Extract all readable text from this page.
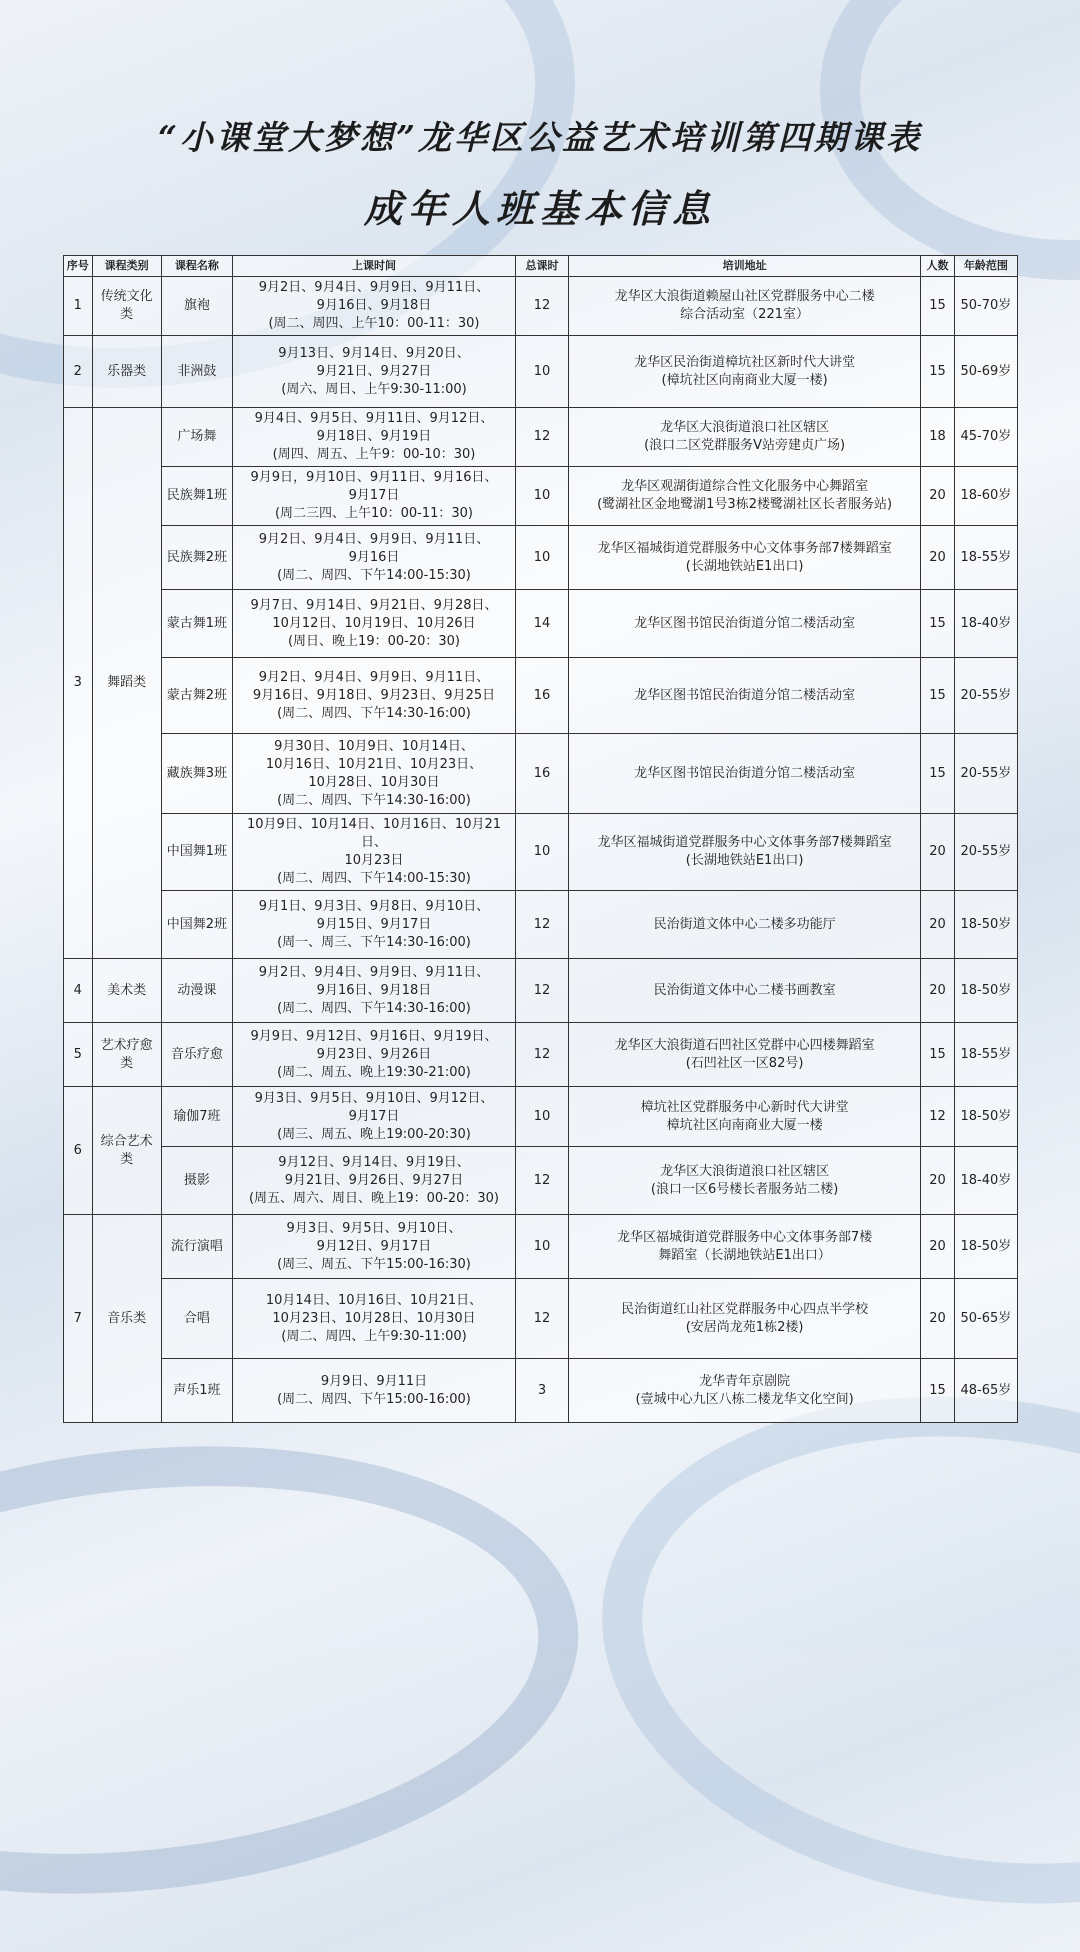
“小课堂大梦想”龙华区公益艺术培训第四期课表
成年人班基本信息
序号	课程类别	课程名称	上课时间	总课时	培训地址	人数	年龄范围
1	传统文化类	旗袍	9月2日、9月4日、9月9日、9月11日、
9月16日、9月18日
(周二、周四、上午10：00-11：30)	12	龙华区大浪街道赖屋山社区党群服务中心二楼
综合活动室（221室）	15	50-70岁
2	乐器类	非洲鼓	9月13日、9月14日、9月20日、
9月21日、9月27日
(周六、周日、上午9:30-11:00)	10	龙华区民治街道樟坑社区新时代大讲堂
(樟坑社区向南商业大厦一楼)	15	50-69岁
3	舞蹈类	广场舞	9月4日、9月5日、9月11日、9月12日、
9月18日、9月19日
(周四、周五、上午9：00-10：30)	12	龙华区大浪街道浪口社区辖区
(浪口二区党群服务V站旁建贞广场)	18	45-70岁
		民族舞1班	9月9日，9月10日、9月11日、9月16日、
9月17日
(周二三四、上午10：00-11：30)	10	龙华区观湖街道综合性文化服务中心舞蹈室
(鹭湖社区金地鹭湖1号3栋2楼鹭湖社区长者服务站)	20	18-60岁
		民族舞2班	9月2日、9月4日、9月9日、9月11日、
9月16日
(周二、周四、下午14:00-15:30)	10	龙华区福城街道党群服务中心文体事务部7楼舞蹈室
(长湖地铁站E1出口)	20	18-55岁
		蒙古舞1班	9月7日、9月14日、9月21日、9月28日、
10月12日、10月19日、10月26日
(周日、晚上19：00-20：30)	14	龙华区图书馆民治街道分馆二楼活动室	15	18-40岁
		蒙古舞2班	9月2日、9月4日、9月9日、9月11日、
9月16日、9月18日、9月23日、9月25日
(周二、周四、下午14:30-16:00)	16	龙华区图书馆民治街道分馆二楼活动室	15	20-55岁
		藏族舞3班	9月30日、10月9日、10月14日、
10月16日、10月21日、10月23日、
10月28日、10月30日
(周二、周四、下午14:30-16:00)	16	龙华区图书馆民治街道分馆二楼活动室	15	20-55岁
		中国舞1班	10月9日、10月14日、10月16日、10月21日、
10月23日
(周二、周四、下午14:00-15:30)	10	龙华区福城街道党群服务中心文体事务部7楼舞蹈室
(长湖地铁站E1出口)	20	20-55岁
		中国舞2班	9月1日、9月3日、9月8日、9月10日、
9月15日、9月17日
(周一、周三、下午14:30-16:00)	12	民治街道文体中心二楼多功能厅	20	18-50岁
4	美术类	动漫课	9月2日、9月4日、9月9日、9月11日、
9月16日、9月18日
(周二、周四、下午14:30-16:00)	12	民治街道文体中心二楼书画教室	20	18-50岁
5	艺术疗愈类	音乐疗愈	9月9日、9月12日、9月16日、9月19日、
9月23日、9月26日
(周二、周五、晚上19:30-21:00)	12	龙华区大浪街道石凹社区党群中心四楼舞蹈室
(石凹社区一区82号)	15	18-55岁
6	综合艺术类	瑜伽7班	9月3日、9月5日、9月10日、9月12日、
9月17日
(周三、周五、晚上19:00-20:30)	10	樟坑社区党群服务中心新时代大讲堂
樟坑社区向南商业大厦一楼	12	18-50岁
		摄影	9月12日、9月14日、9月19日、
9月21日、9月26日、9月27日
(周五、周六、周日、晚上19：00-20：30)	12	龙华区大浪街道浪口社区辖区
(浪口一区6号楼长者服务站二楼)	20	18-40岁
7	音乐类	流行演唱	9月3日、9月5日、9月10日、
9月12日、9月17日
(周三、周五、下午15:00-16:30)	10	龙华区福城街道党群服务中心文体事务部7楼
舞蹈室（长湖地铁站E1出口）	20	18-50岁
		合唱	10月14日、10月16日、10月21日、
10月23日、10月28日、10月30日
(周二、周四、上午9:30-11:00)	12	民治街道红山社区党群服务中心四点半学校
(安居尚龙苑1栋2楼)	20	50-65岁
		声乐1班	9月9日、9月11日
(周二、周四、下午15:00-16:00)	3	龙华青年京剧院
(壹城中心九区八栋二楼龙华文化空间)	15	48-65岁
